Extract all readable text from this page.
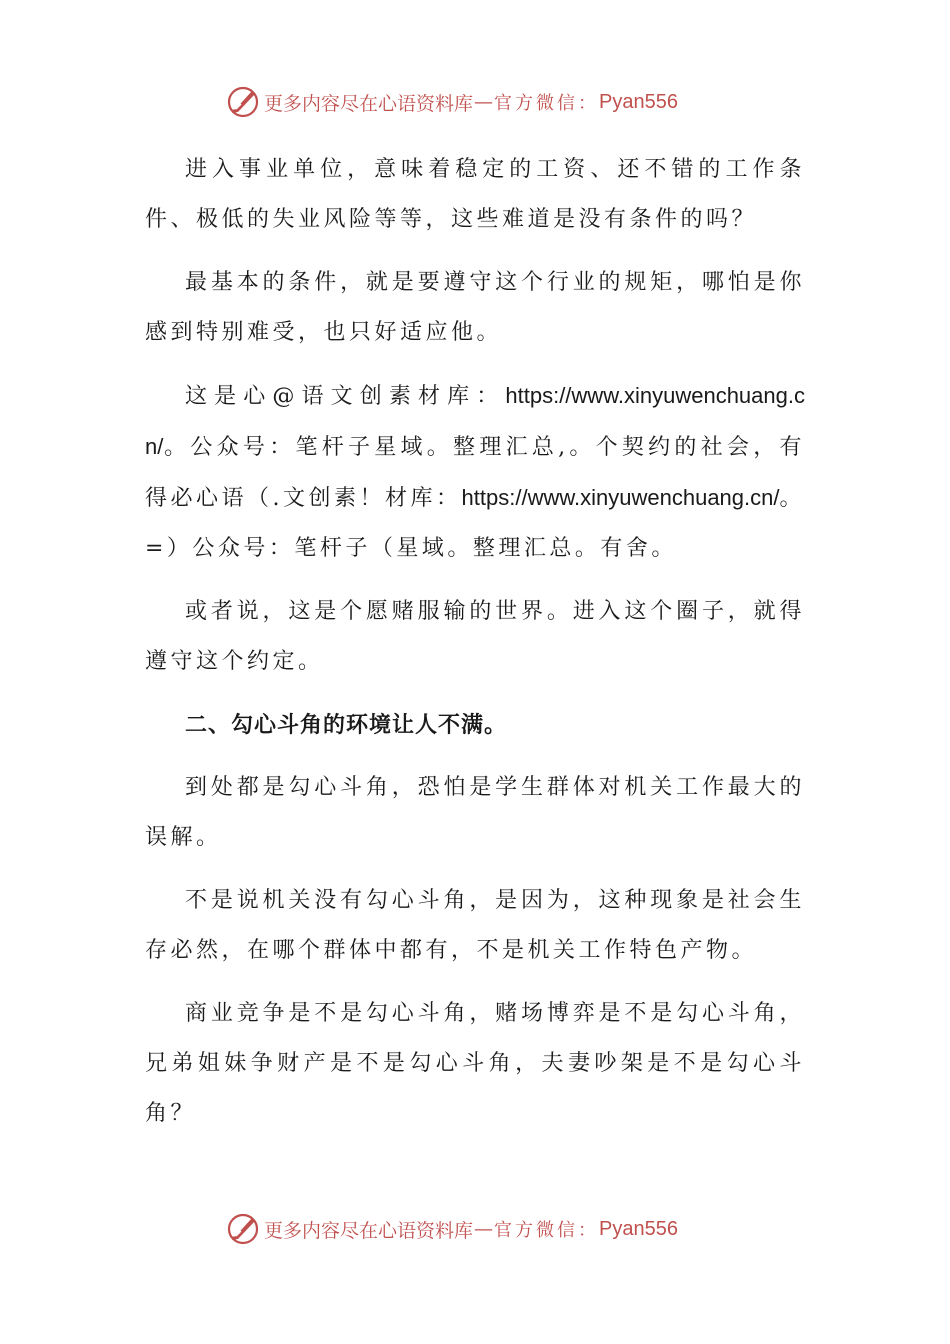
更多内容尽在心语资料库 — 官方微信： Pyan556

进入事业单位，意味着稳定的工资、还不错的工作条件、极低的失业风险等等，这些难道是没有条件的吗？

最基本的条件，就是要遵守这个行业的规矩，哪怕是你感到特别难受，也只好适应他。

这是心@语文创素材库：https://www.xinyuwenchuang.cn/。公众号：笔杆子星域。整理汇总,。个契约的社会，有得必心语（.文创素！材库：https://www.xinyuwenchuang.cn/。=）公众号：笔杆子（星域。整理汇总。有舍。

或者说，这是个愿赌服输的世界。进入这个圈子，就得遵守这个约定。

二、勾心斗角的环境让人不满。

到处都是勾心斗角，恐怕是学生群体对机关工作最大的误解。

不是说机关没有勾心斗角，是因为，这种现象是社会生存必然，在哪个群体中都有，不是机关工作特色产物。

商业竞争是不是勾心斗角，赌场博弈是不是勾心斗角，兄弟姐妹争财产是不是勾心斗角，夫妻吵架是不是勾心斗角？

更多内容尽在心语资料库 — 官方微信： Pyan556
